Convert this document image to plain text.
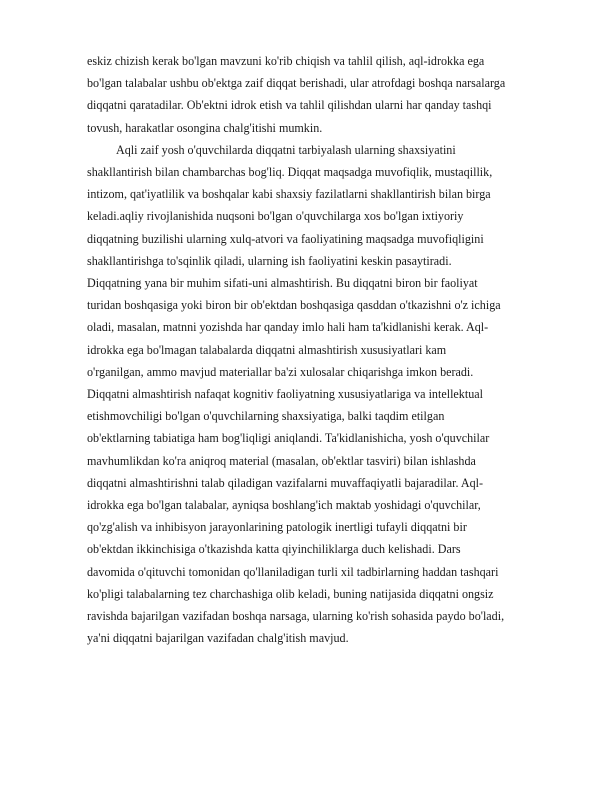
eskiz chizish kerak bo'lgan mavzuni ko'rib chiqish va tahlil qilish, aql-idrokka ega
bo'lgan talabalar ushbu ob'ektga zaif diqqat berishadi, ular atrofdagi boshqa narsalarga
diqqatni qaratadilar. Ob'ektni idrok etish va tahlil qilishdan ularni har qanday tashqi
tovush, harakatlar osongina chalg'itishi mumkin.
Aqli zaif yosh o'quvchilarda diqqatni tarbiyalash ularning shaxsiyatini
shakllantirish bilan chambarchas bog'liq. Diqqat maqsadga muvofiqlik, mustaqillik,
intizom, qat'iyatlilik va boshqalar kabi shaxsiy fazilatlarni shakllantirish bilan birga
keladi.aqliy rivojlanishida nuqsoni bo'lgan o'quvchilarga xos bo'lgan ixtiyoriy
diqqatning buzilishi ularning xulq-atvori va faoliyatining maqsadga muvofiqligini
shakllantirishga to'sqinlik qiladi, ularning ish faoliyatini keskin pasaytiradi.
Diqqatning yana bir muhim sifati-uni almashtirish. Bu diqqatni biron bir faoliyat
turidan boshqasiga yoki biron bir ob'ektdan boshqasiga qasddan o'tkazishni o'z ichiga
oladi, masalan, matnni yozishda har qanday imlo hali ham ta'kidlanishi kerak. Aql-
idrokka ega bo'lmagan talabalarda diqqatni almashtirish xususiyatlari kam
o'rganilgan, ammo mavjud materiallar ba'zi xulosalar chiqarishga imkon beradi.
Diqqatni almashtirish nafaqat kognitiv faoliyatning xususiyatlariga va intellektual
etishmovchiligi bo'lgan o'quvchilarning shaxsiyatiga, balki taqdim etilgan
ob'ektlarning tabiatiga ham bog'liqligi aniqlandi. Ta'kidlanishicha, yosh o'quvchilar
mavhumlikdan ko'ra aniqroq material (masalan, ob'ektlar tasviri) bilan ishlashda
diqqatni almashtirishni talab qiladigan vazifalarni muvaffaqiyatli bajaradilar. Aql-
idrokka ega bo'lgan talabalar, ayniqsa boshlang'ich maktab yoshidagi o'quvchilar,
qo'zg'alish va inhibisyon jarayonlarining patologik inertligi tufayli diqqatni bir
ob'ektdan ikkinchisiga o'tkazishda katta qiyinchiliklarga duch kelishadi. Dars
davomida o'qituvchi tomonidan qo'llaniladigan turli xil tadbirlarning haddan tashqari
ko'pligi talabalarning tez charchashiga olib keladi, buning natijasida diqqatni ongsiz
ravishda bajarilgan vazifadan boshqa narsaga, ularning ko'rish sohasida paydo bo'ladi,
ya'ni diqqatni bajarilgan vazifadan chalg'itish mavjud.
